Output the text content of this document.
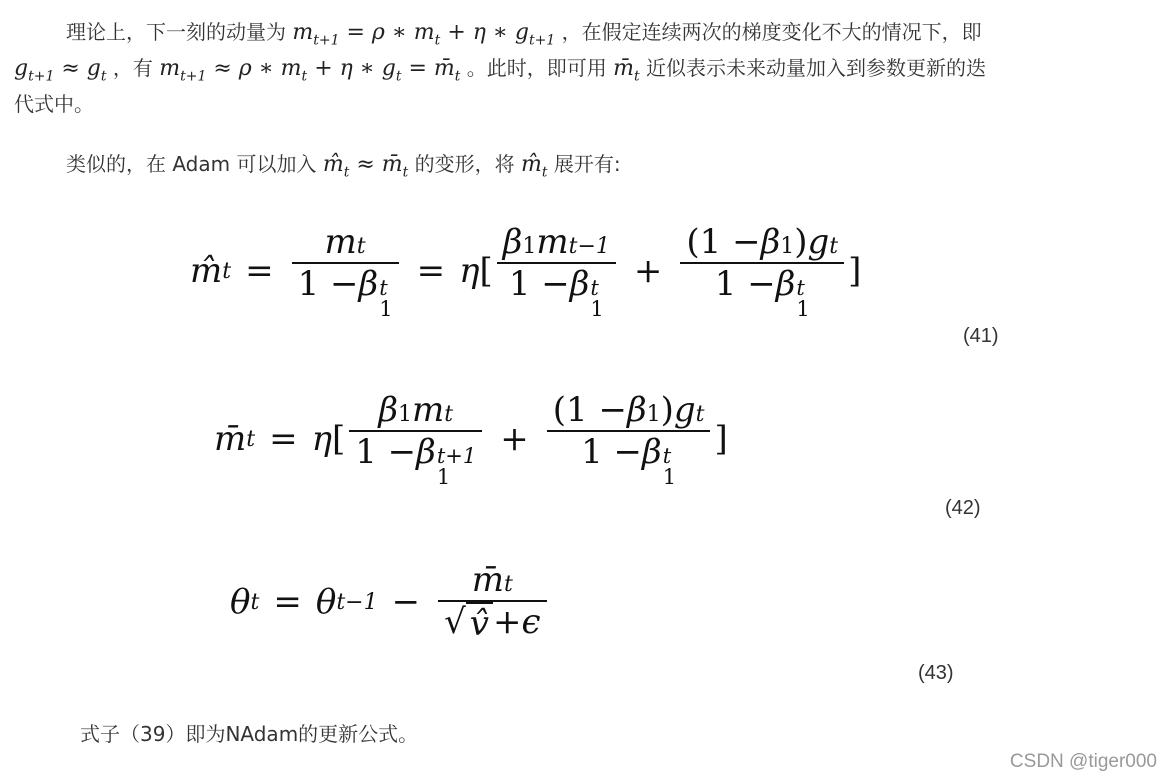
理论上，下一刻的动量为 $m_{t+1} = \rho$ ∗ $m_t + \eta$ ∗ $g_{t+1}$ ，在假定连续两次的梯度变化不大的情况下，即
$g_{t+1} \approx g_t$ ，有 $m_{t+1} \approx \rho$ ∗ $m_t + \eta$ ∗ $g_t$ = $m̄_t$ 。此时，即可用 $m̄_t$ 近似表示未来动量加入到参数更新的迭
代式中。
类似的，在 Adam 可以加入 $m̂_t$ ≈ $m̄_t$ 的变形，将 $m̂_t$ 展开有:
m̂ t = m t
1 − β t
1 = η [ β 1 m t−1
1 − β t
1 + (1 − β 1 ) g t
1 − β t
1 ]
(41)
m̄ t = η [ β 1 m t
1 − β t+1
1 + (1 − β 1 ) g t
1 − β t
1 ]
(42)
θ t = θ $t-1 - \frac{m̄ t}{√ v̂ + \epsilon}$
(43)
式子（39）即为NAdam的更新公式。
CSDN @tiger000
